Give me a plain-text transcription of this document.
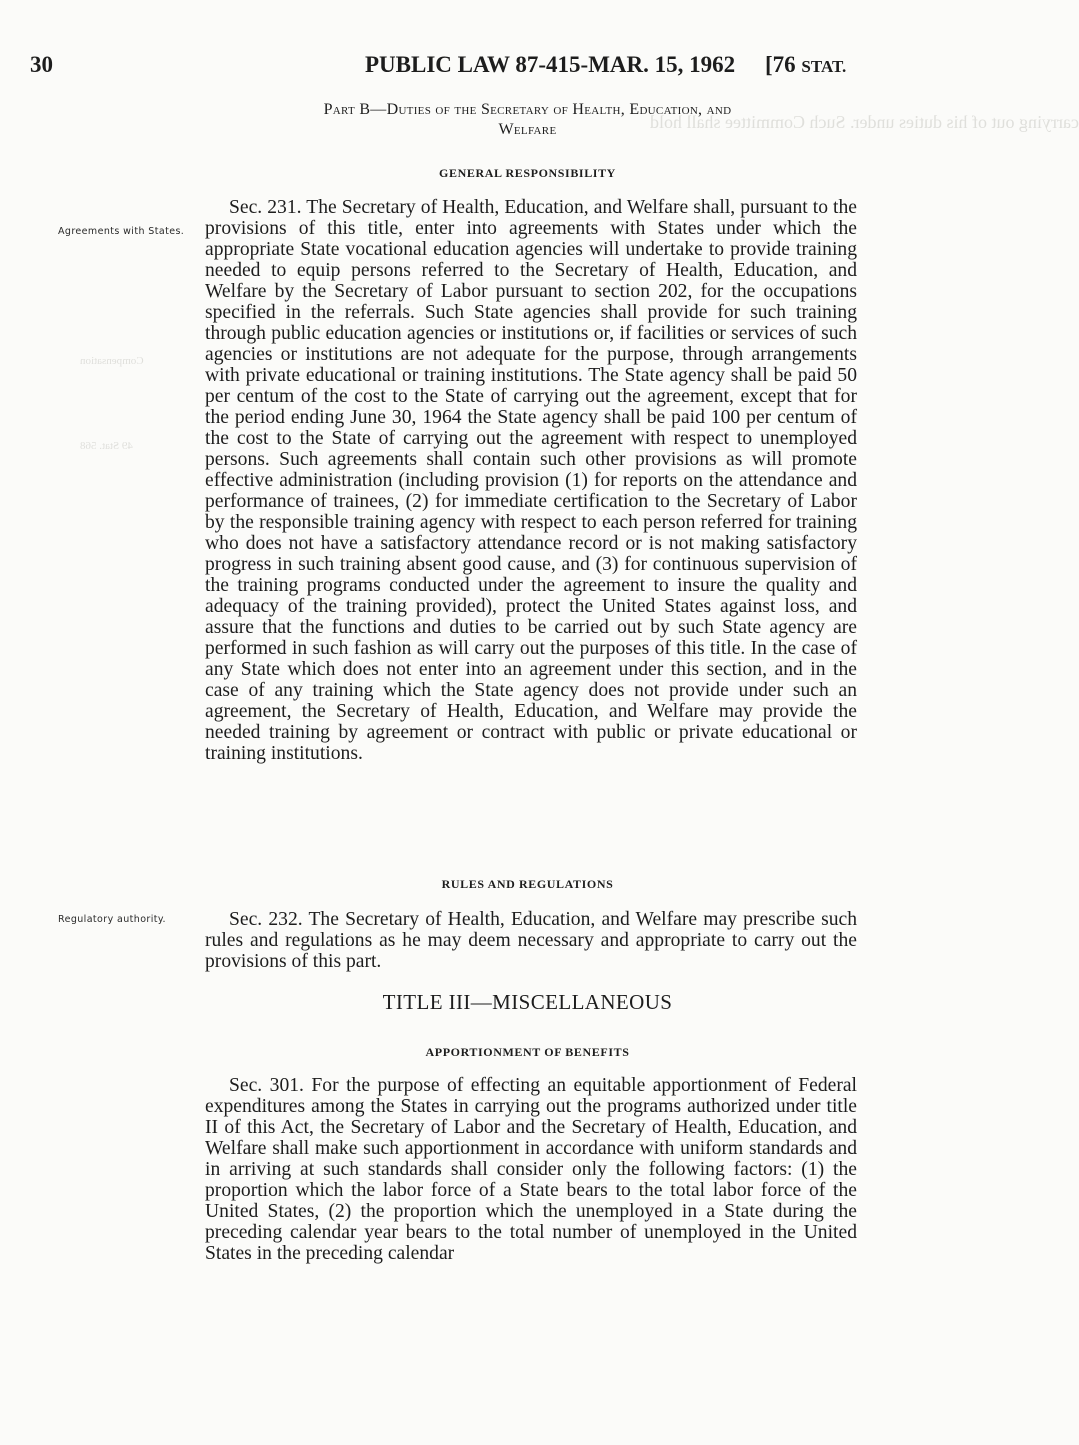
carrying out of his duties under. Such Committee shall hold
Compensation
49 Stat. 568
30	PUBLIC LAW 87-415-MAR. 15, 1962 [76 STAT.
Part B—Duties of the Secretary of Health, Education, and
Welfare
GENERAL RESPONSIBILITY
Agreements with States.

Sec. 231. The Secretary of Health, Education, and Welfare shall, pursuant to the provisions of this title, enter into agreements with States under which the appropriate State vocational education agencies will undertake to provide training needed to equip persons referred to the Secretary of Health, Education, and Welfare by the Secretary of Labor pursuant to section 202, for the occupations specified in the referrals. Such State agencies shall provide for such training through public education agencies or institutions or, if facilities or services of such agencies or institutions are not adequate for the purpose, through arrangements with private educational or training institutions. The State agency shall be paid 50 per centum of the cost to the State of carrying out the agreement, except that for the period ending June 30, 1964 the State agency shall be paid 100 per centum of the cost to the State of carrying out the agreement with respect to unemployed persons. Such agreements shall contain such other provisions as will promote effective administration (including provision (1) for reports on the attendance and performance of trainees, (2) for immediate certification to the Secretary of Labor by the responsible training agency with respect to each person referred for training who does not have a satisfactory attendance record or is not making satisfactory progress in such training absent good cause, and (3) for continuous supervision of the training programs conducted under the agreement to insure the quality and adequacy of the training provided), protect the United States against loss, and assure that the functions and duties to be carried out by such State agency are performed in such fashion as will carry out the purposes of this title. In the case of any State which does not enter into an agreement under this section, and in the case of any training which the State agency does not provide under such an agreement, the Secretary of Health, Education, and Welfare may provide the needed training by agreement or contract with public or private educational or training institutions.

RULES AND REGULATIONS
Regulatory authority.	Sec. 232. The Secretary of Health, Education, and Welfare may prescribe such rules and regulations as he may deem necessary and appropriate to carry out the provisions of this part.

TITLE III—MISCELLANEOUS
APPORTIONMENT OF BENEFITS

Sec. 301. For the purpose of effecting an equitable apportionment of Federal expenditures among the States in carrying out the programs authorized under title II of this Act, the Secretary of Labor and the Secretary of Health, Education, and Welfare shall make such apportionment in accordance with uniform standards and in arriving at such standards shall consider only the following factors: (1) the proportion which the labor force of a State bears to the total labor force of the United States, (2) the proportion which the unemployed in a State during the preceding calendar year bears to the total number of unemployed in the United States in the preceding calendar
